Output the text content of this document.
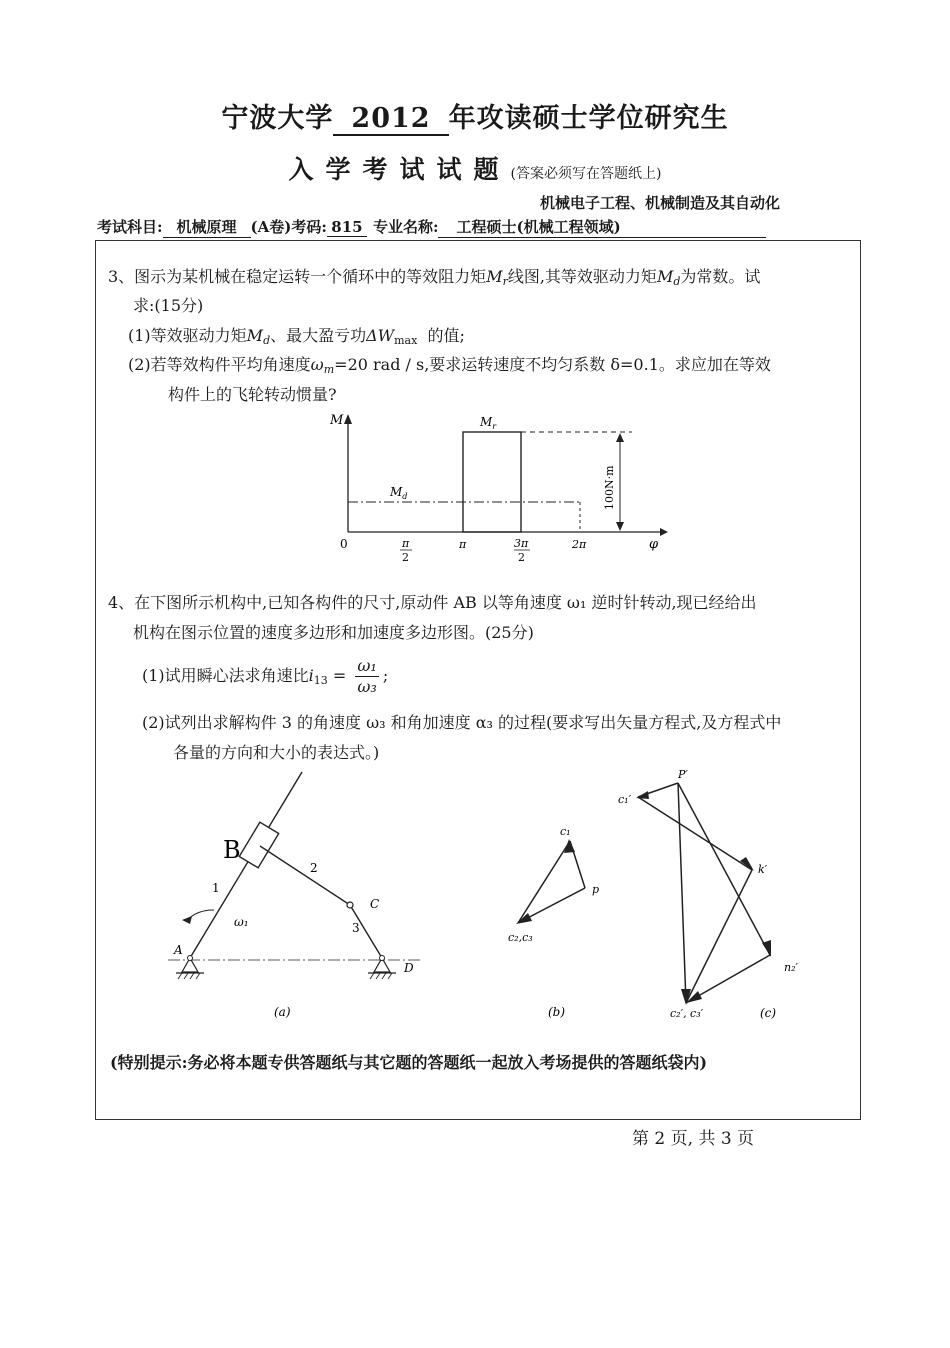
宁波大学 2012 年攻读硕士学位研究生
入学考试试题(答案必须写在答题纸上)
机械电子工程、机械制造及其自动化
考试科目: 机械原理 (A卷)考码: 815 专业名称: 工程硕士(机械工程领域)
3、图示为某机械在稳定运转一个循环中的等效阻力矩$M_r$线图,其等效驱动力矩$M_d$为常数。试
求:(15分)
(1)等效驱动力矩$M_d$、最大盈亏功$\Delta W_{max}$ 的值;
(2)若等效构件平均角速度$\omega_m=20$ rad / s,要求运转速度不均匀系数 δ=0.1。求应加在等效
构件上的飞轮转动惯量?
M
φ
0
$M_r$
$M_d$	100N·m
π
2
π	3π
2
2π
4、在下图所示机构中,已知各构件的尺寸,原动件 AB 以等角速度 ω₁ 逆时针转动,现已经给出
机构在图示位置的速度多边形和加速度多边形图。(25分)
(1)试用瞬心法求角速比$i_{13} = \frac{\text{ω₁}}{\text{ω₃}}$ ;
(2)试列出求解构件 3 的角速度 ω₃ 和角加速度 α₃ 的过程(要求写出矢量方程式,及方程式中
各量的方向和大小的表达式。)
B
ω₁
1
2
3
C
A
D
(a)
c₁
p
c₂,c₃
(b)
P′
c₁′
k′
n₂′
c₂′, c₃′	(c)
(特别提示:务必将本题专供答题纸与其它题的答题纸一起放入考场提供的答题纸袋内)
第 2 页, 共 3 页
